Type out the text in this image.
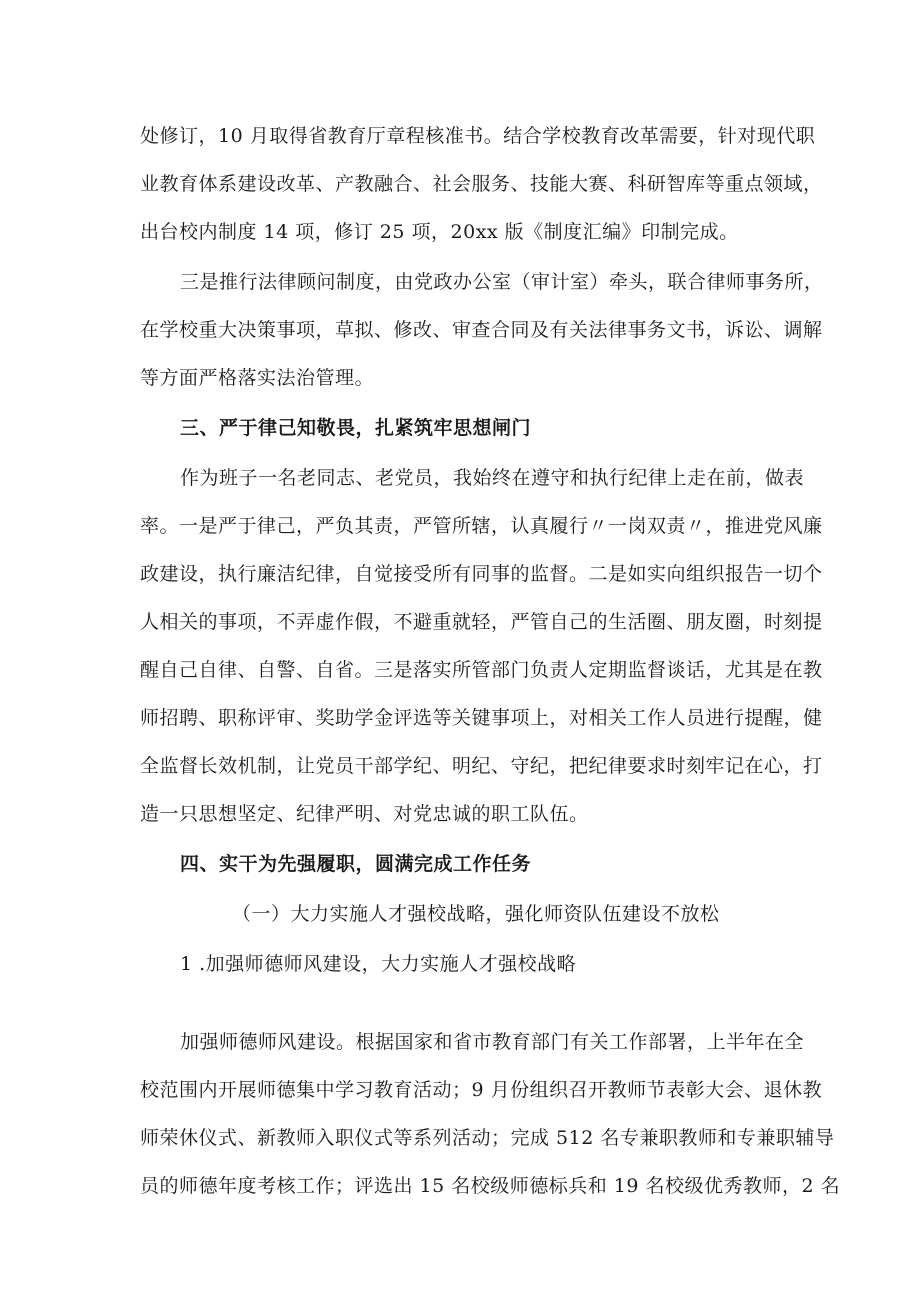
处修订，10 月取得省教育厅章程核准书。结合学校教育改革需要，针对现代职
业教育体系建设改革、产教融合、社会服务、技能大赛、科研智库等重点领域，
出台校内制度 14 项，修订 25 项，20xx 版《制度汇编》印制完成。
三是推行法律顾问制度，由党政办公室（审计室）牵头，联合律师事务所，
在学校重大决策事项，草拟、修改、审查合同及有关法律事务文书，诉讼、调解
等方面严格落实法治管理。
三、严于律己知敬畏，扎紧筑牢思想闸门
作为班子一名老同志、老党员，我始终在遵守和执行纪律上走在前，做表
率。一是严于律己，严负其责，严管所辖，认真履行〃一岗双责〃，推进党风廉
政建设，执行廉洁纪律，自觉接受所有同事的监督。二是如实向组织报告一切个
人相关的事项，不弄虚作假，不避重就轻，严管自己的生活圈、朋友圈，时刻提
醒自己自律、自警、自省。三是落实所管部门负责人定期监督谈话，尤其是在教
师招聘、职称评审、奖助学金评选等关键事项上，对相关工作人员进行提醒，健
全监督长效机制，让党员干部学纪、明纪、守纪，把纪律要求时刻牢记在心，打
造一只思想坚定、纪律严明、对党忠诚的职工队伍。
四、实干为先强履职，圆满完成工作任务
（一）大力实施人才强校战略，强化师资队伍建设不放松
1 .加强师德师风建设，大力实施人才强校战略
加强师德师风建设。根据国家和省市教育部门有关工作部署，上半年在全
校范围内开展师德集中学习教育活动；9 月份组织召开教师节表彰大会、退休教
师荣休仪式、新教师入职仪式等系列活动；完成 512 名专兼职教师和专兼职辅导
员的师德年度考核工作；评选出 15 名校级师德标兵和 19 名校级优秀教师，2 名
